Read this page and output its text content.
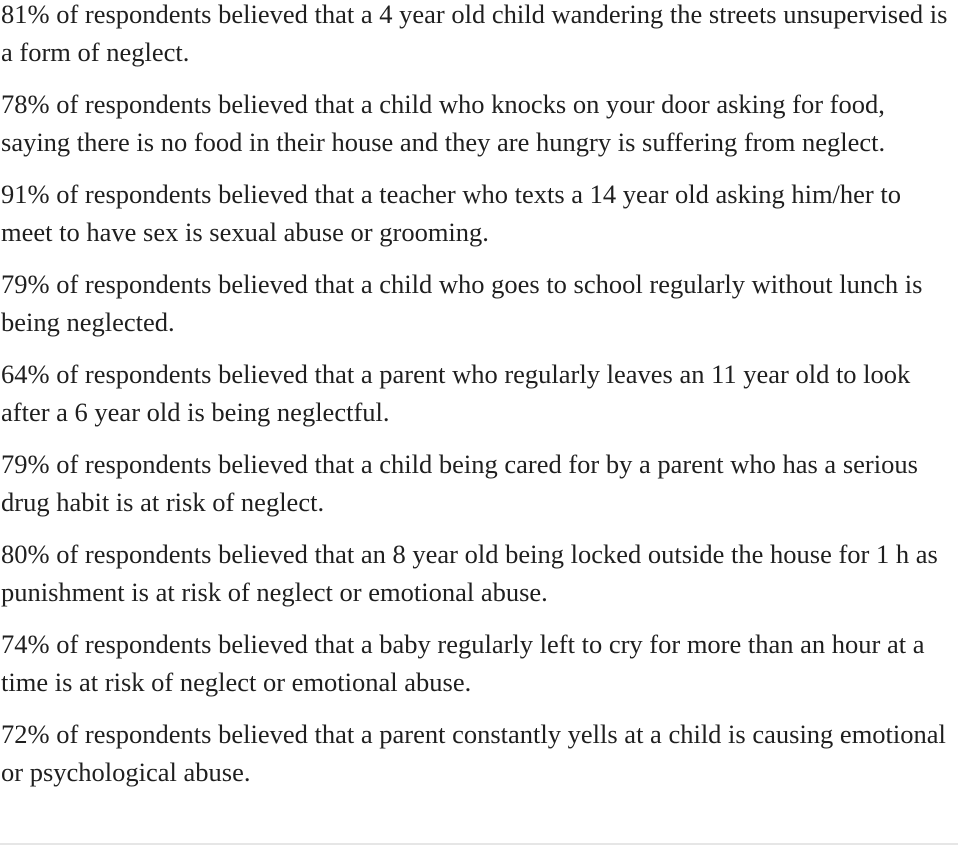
81% of respondents believed that a 4 year old child wandering the streets unsupervised is a form of neglect.

78% of respondents believed that a child who knocks on your door asking for food, saying there is no food in their house and they are hungry is suffering from neglect.

91% of respondents believed that a teacher who texts a 14 year old asking him/her to meet to have sex is sexual abuse or grooming.

79% of respondents believed that a child who goes to school regularly without lunch is being neglected.

64% of respondents believed that a parent who regularly leaves an 11 year old to look after a 6 year old is being neglectful.

79% of respondents believed that a child being cared for by a parent who has a serious drug habit is at risk of neglect.

80% of respondents believed that an 8 year old being locked outside the house for 1 h as punishment is at risk of neglect or emotional abuse.

74% of respondents believed that a baby regularly left to cry for more than an hour at a time is at risk of neglect or emotional abuse.

72% of respondents believed that a parent constantly yells at a child is causing emotional or psychological abuse.
